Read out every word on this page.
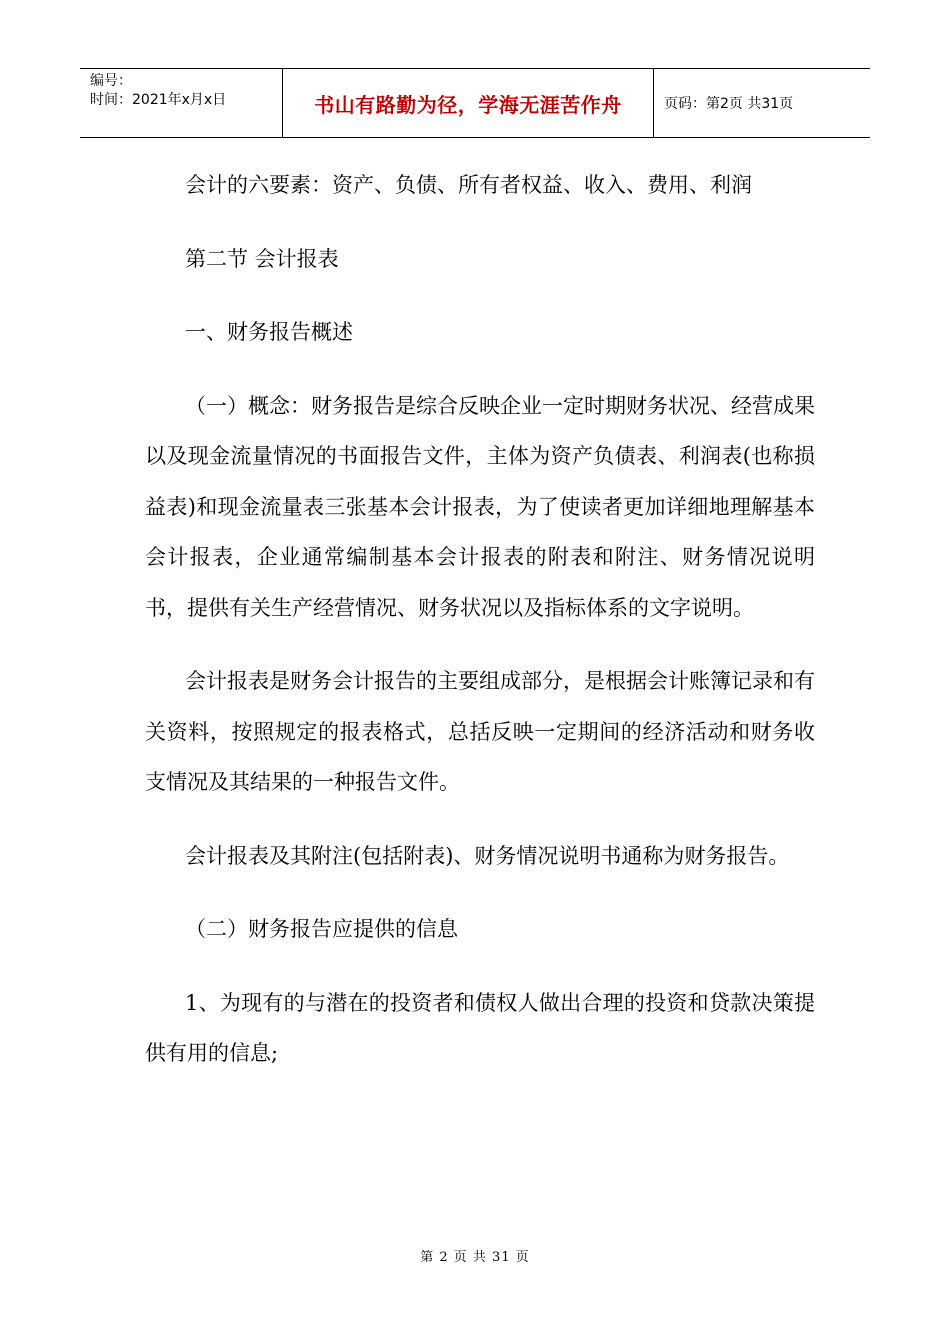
编号：
时间：2021年x月x日	书山有路勤为径，学海无涯苦作舟	页码：第2页 共31页

会计的六要素：资产、负债、所有者权益、收入、费用、利润

第二节 会计报表

一、财务报告概述

（一）概念：财务报告是综合反映企业一定时期财务状况、经营成果以及现金流量情况的书面报告文件，主体为资产负债表、利润表(也称损益表)和现金流量表三张基本会计报表，为了使读者更加详细地理解基本会计报表，企业通常编制基本会计报表的附表和附注、财务情况说明书，提供有关生产经营情况、财务状况以及指标体系的文字说明。

会计报表是财务会计报告的主要组成部分，是根据会计账簿记录和有关资料，按照规定的报表格式，总括反映一定期间的经济活动和财务收支情况及其结果的一种报告文件。

会计报表及其附注(包括附表)、财务情况说明书通称为财务报告。

（二）财务报告应提供的信息

1、为现有的与潜在的投资者和债权人做出合理的投资和贷款决策提供有用的信息;

第 2 页 共 31 页
